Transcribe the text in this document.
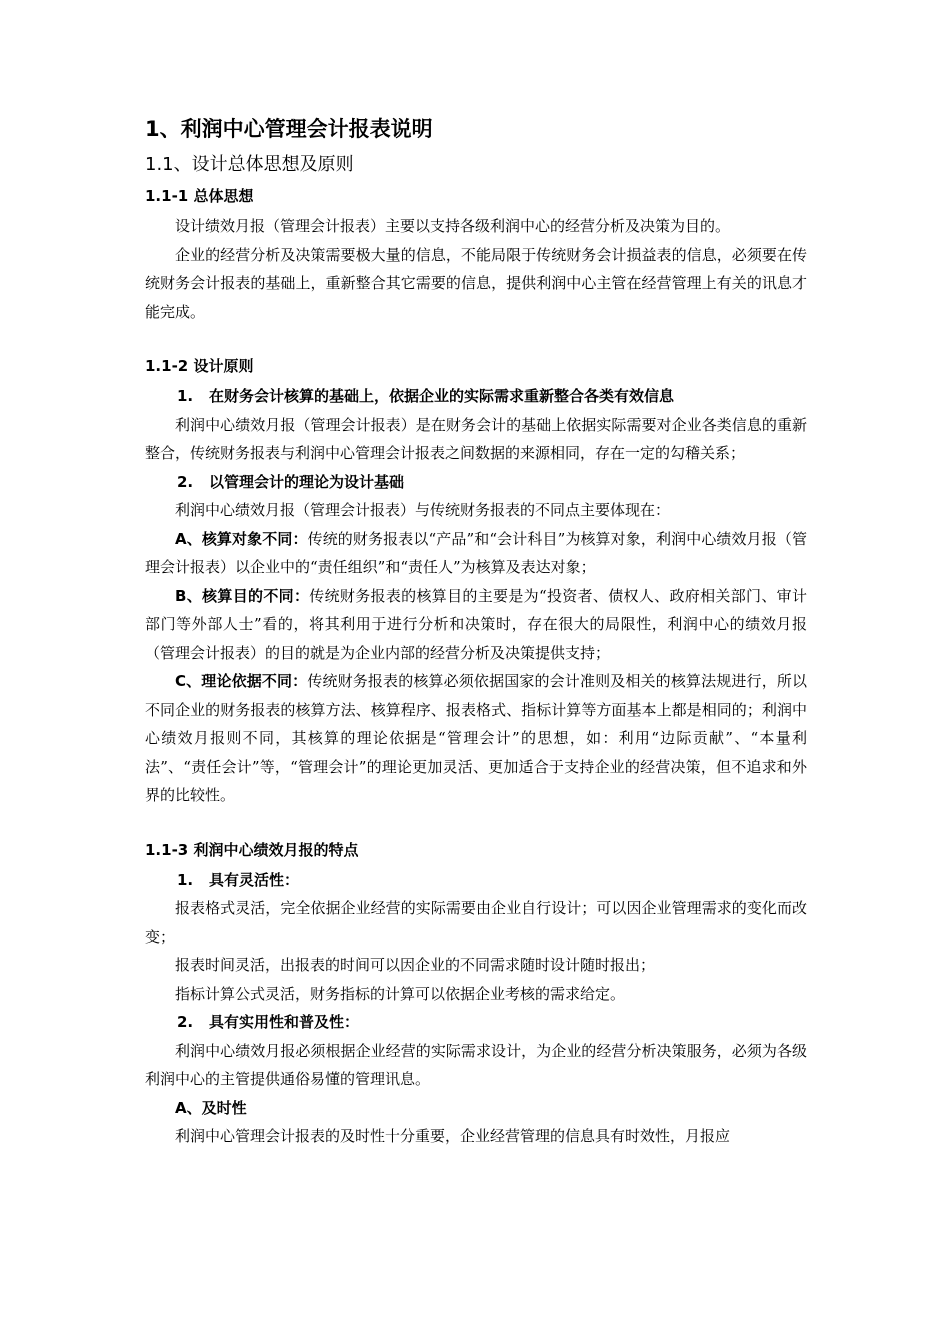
1、利润中心管理会计报表说明
1.1、设计总体思想及原则
1.1-1 总体思想

设计绩效月报（管理会计报表）主要以支持各级利润中心的经营分析及决策为目的。

企业的经营分析及决策需要极大量的信息，不能局限于传统财务会计损益表的信息，必须要在传统财务会计报表的基础上，重新整合其它需要的信息，提供利润中心主管在经营管理上有关的讯息才能完成。

1.1-2 设计原则
1. 在财务会计核算的基础上，依据企业的实际需求重新整合各类有效信息

利润中心绩效月报（管理会计报表）是在财务会计的基础上依据实际需要对企业各类信息的重新整合，传统财务报表与利润中心管理会计报表之间数据的来源相同，存在一定的勾稽关系；

2. 以管理会计的理论为设计基础

利润中心绩效月报（管理会计报表）与传统财务报表的不同点主要体现在：

A、核算对象不同：传统的财务报表以“产品”和“会计科目”为核算对象，利润中心绩效月报（管理会计报表）以企业中的“责任组织”和“责任人”为核算及表达对象；

B、核算目的不同：传统财务报表的核算目的主要是为“投资者、债权人、政府相关部门、审计部门等外部人士”看的，将其利用于进行分析和决策时，存在很大的局限性，利润中心的绩效月报（管理会计报表）的目的就是为企业内部的经营分析及决策提供支持；

C、理论依据不同：传统财务报表的核算必须依据国家的会计准则及相关的核算法规进行，所以不同企业的财务报表的核算方法、核算程序、报表格式、指标计算等方面基本上都是相同的；利润中心绩效月报则不同，其核算的理论依据是“管理会计”的思想，如：利用“边际贡献”、“本量利法”、“责任会计”等，“管理会计”的理论更加灵活、更加适合于支持企业的经营决策，但不追求和外界的比较性。

1.1-3 利润中心绩效月报的特点
1. 具有灵活性：

报表格式灵活，完全依据企业经营的实际需要由企业自行设计；可以因企业管理需求的变化而改变；

报表时间灵活，出报表的时间可以因企业的不同需求随时设计随时报出；

指标计算公式灵活，财务指标的计算可以依据企业考核的需求给定。

2. 具有实用性和普及性：

利润中心绩效月报必须根据企业经营的实际需求设计，为企业的经营分析决策服务，必须为各级利润中心的主管提供通俗易懂的管理讯息。

A、及时性

利润中心管理会计报表的及时性十分重要，企业经营管理的信息具有时效性，月报应
